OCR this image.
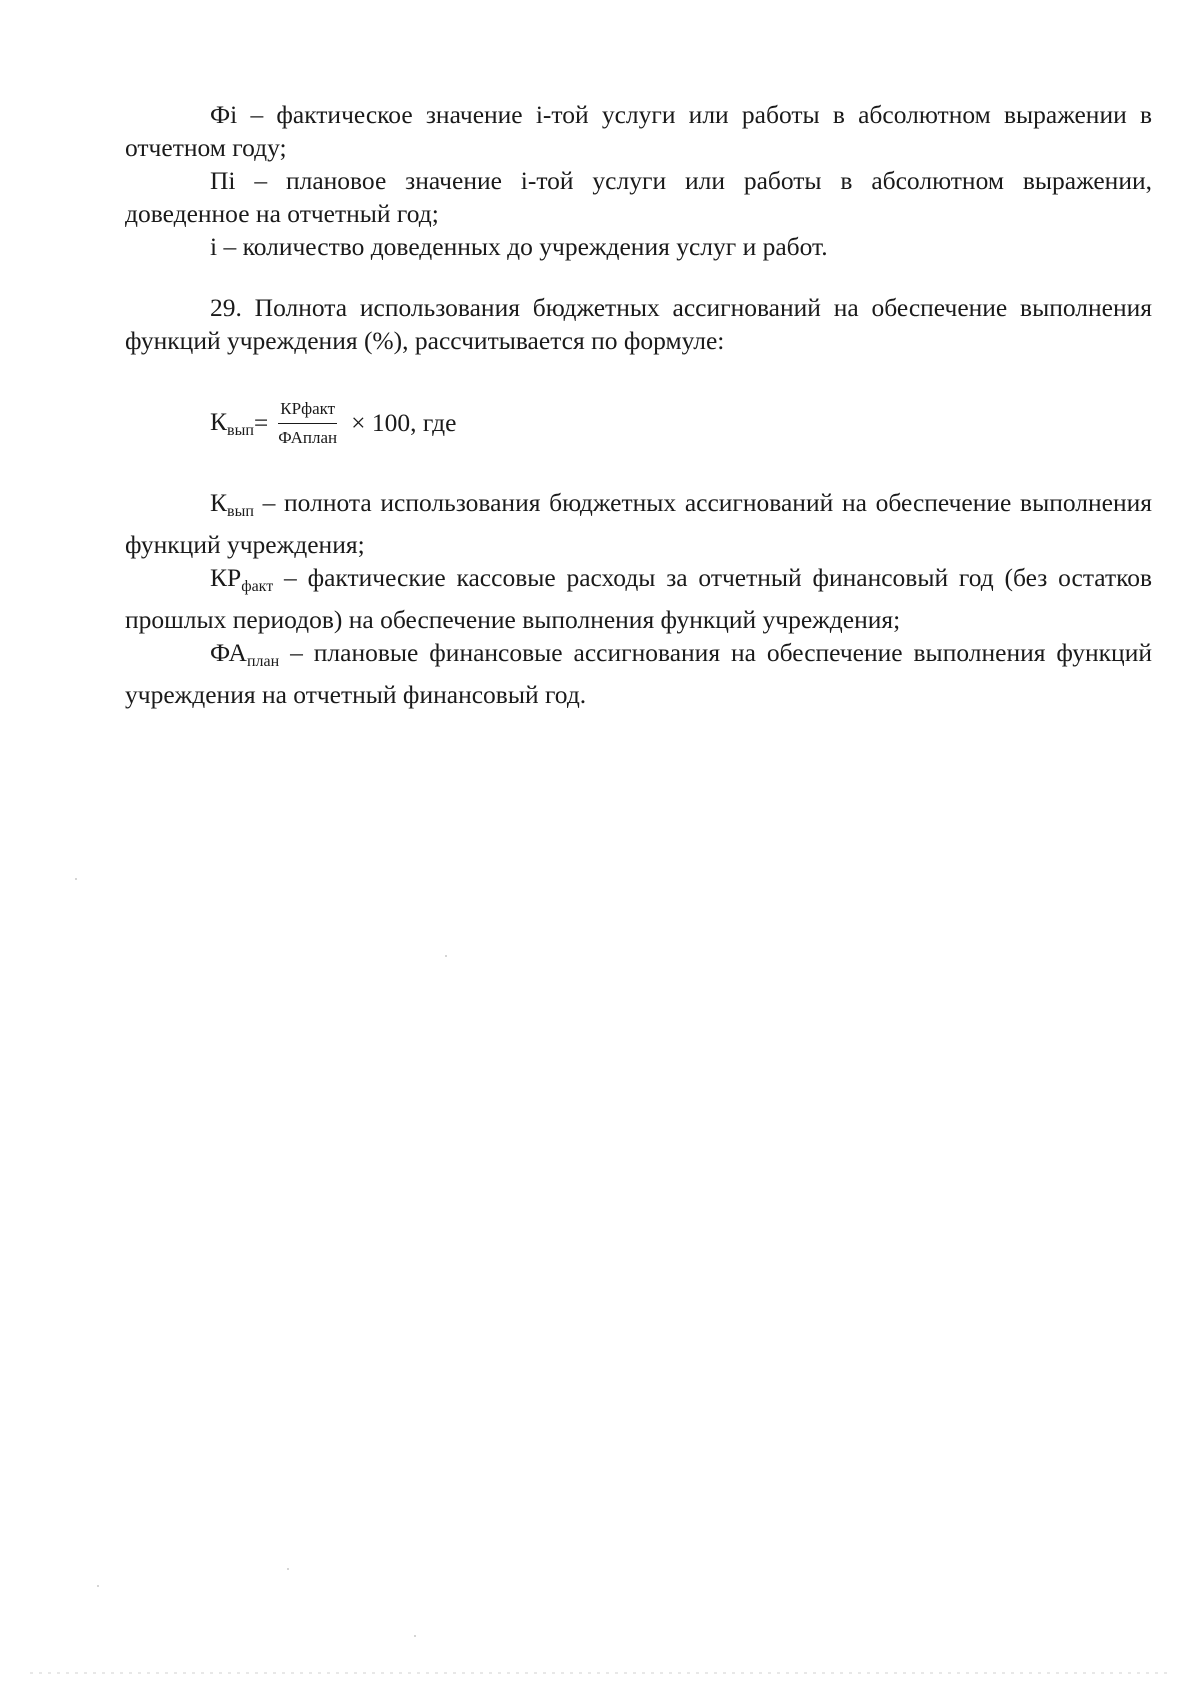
Фi – фактическое значение i-той услуги или работы в абсолютном выражении в отчетном году;

Пi – плановое значение i-той услуги или работы в абсолютном выражении, доведенное на отчетный год;

i – количество доведенных до учреждения услуг и работ.

29. Полнота использования бюджетных ассигнований на обеспечение выполнения функций учреждения (%), рассчитывается по формуле:

$К_{вып} = \frac{\text{КРфакт}}{\text{ФАплан}} \times 100$, где

$К_{вып}$ – полнота использования бюджетных ассигнований на обеспечение выполнения функций учреждения;

$КР_{факт}$ – фактические кассовые расходы за отчетный финансовый год (без остатков прошлых периодов) на обеспечение выполнения функций учреждения;

$ФА_{план}$ – плановые финансовые ассигнования на обеспечение выполнения функций учреждения на отчетный финансовый год.
